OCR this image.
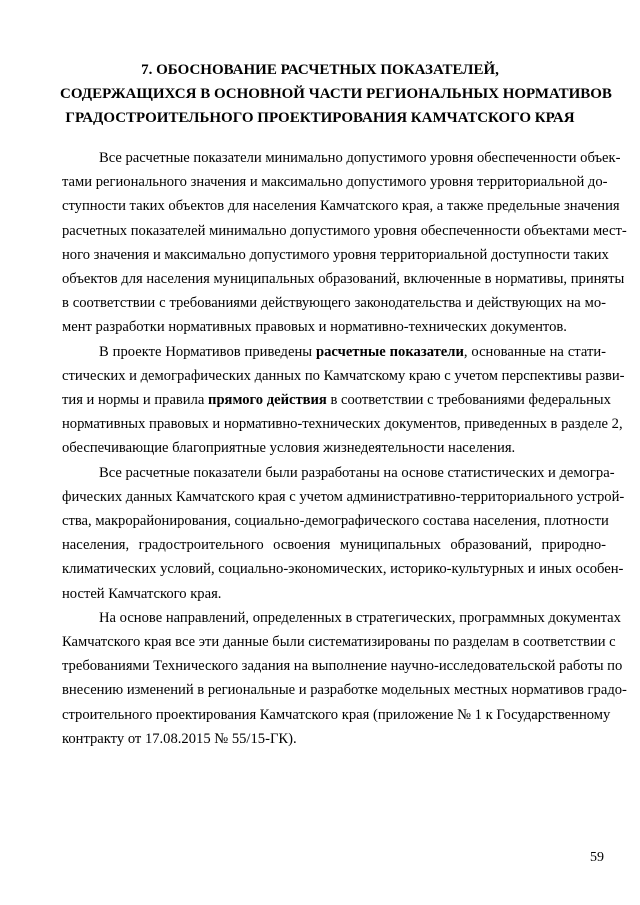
7. ОБОСНОВАНИЕ РАСЧЕТНЫХ ПОКАЗАТЕЛЕЙ,
СОДЕРЖАЩИХСЯ В ОСНОВНОЙ ЧАСТИ РЕГИОНАЛЬНЫХ НОРМАТИВОВ
ГРАДОСТРОИТЕЛЬНОГО ПРОЕКТИРОВАНИЯ КАМЧАТСКОГО КРАЯ

Все расчетные показатели минимально допустимого уровня обеспеченности объек-
тами регионального значения и максимально допустимого уровня территориальной до-
ступности таких объектов для населения Камчатского края, а также предельные значения
расчетных показателей минимально допустимого уровня обеспеченности объектами мест-
ного значения и максимально допустимого уровня территориальной доступности таких
объектов для населения муниципальных образований, включенные в нормативы, приняты
в соответствии с требованиями действующего законодательства и действующих на мо-
мент разработки нормативных правовых и нормативно-технических документов.

В проекте Нормативов приведены расчетные показатели, основанные на стати-
стических и демографических данных по Камчатскому краю с учетом перспективы разви-
тия и нормы и правила прямого действия в соответствии с требованиями федеральных
нормативных правовых и нормативно-технических документов, приведенных в разделе 2,
обеспечивающие благоприятные условия жизнедеятельности населения.

Все расчетные показатели были разработаны на основе статистических и демогра-
фических данных Камчатского края с учетом административно-территориального устрой-
ства, макрорайонирования, социально-демографического состава населения, плотности
населения, градостроительного освоения муниципальных образований, природно-
климатических условий, социально-экономических, историко-культурных и иных особен-
ностей Камчатского края.

На основе направлений, определенных в стратегических, программных документах
Камчатского края все эти данные были систематизированы по разделам в соответствии с
требованиями Технического задания на выполнение научно-исследовательской работы по
внесению изменений в региональные и разработке модельных местных нормативов градо-
строительного проектирования Камчатского края (приложение № 1 к Государственному
контракту от 17.08.2015 № 55/15-ГК).

59
